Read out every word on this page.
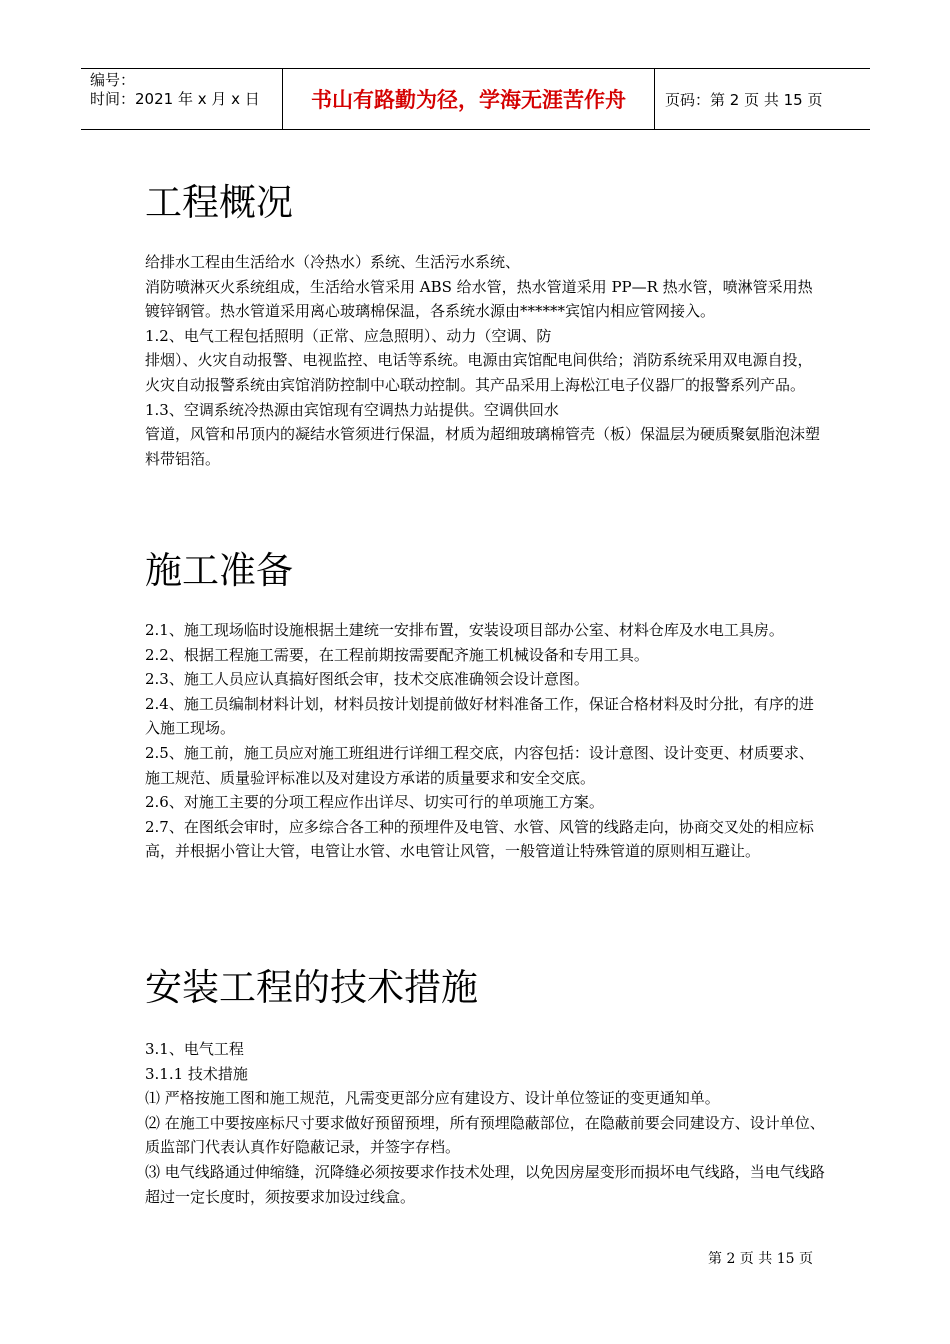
编号：
时间：2021 年 x 月 x 日	书山有路勤为径，学海无涯苦作舟	页码：第 2 页 共 15 页
工程概况

给排水工程由生活给水（冷热水）系统、生活污水系统、

消防喷淋灭火系统组成，生活给水管采用 ABS 给水管，热水管道采用 PP—R 热水管，喷淋管采用热镀锌钢管。热水管道采用离心玻璃棉保温，各系统水源由******宾馆内相应管网接入。

1.2、电气工程包括照明（正常、应急照明）、动力（空调、防

排烟）、火灾自动报警、电视监控、电话等系统。电源由宾馆配电间供给；消防系统采用双电源自投，火灾自动报警系统由宾馆消防控制中心联动控制。其产品采用上海松江电子仪器厂的报警系列产品。

1.3、空调系统冷热源由宾馆现有空调热力站提供。空调供回水

管道，风管和吊顶内的凝结水管须进行保温，材质为超细玻璃棉管壳（板）保温层为硬质聚氨脂泡沫塑料带铝箔。

施工准备

2.1、施工现场临时设施根据土建统一安排布置，安装设项目部办公室、材料仓库及水电工具房。

2.2、根据工程施工需要，在工程前期按需要配齐施工机械设备和专用工具。

2.3、施工人员应认真搞好图纸会审，技术交底准确领会设计意图。

2.4、施工员编制材料计划，材料员按计划提前做好材料准备工作，保证合格材料及时分批，有序的进入施工现场。

2.5、施工前，施工员应对施工班组进行详细工程交底，内容包括：设计意图、设计变更、材质要求、施工规范、质量验评标准以及对建设方承诺的质量要求和安全交底。

2.6、对施工主要的分项工程应作出详尽、切实可行的单项施工方案。

2.7、在图纸会审时，应多综合各工种的预埋件及电管、水管、风管的线路走向，协商交叉处的相应标高，并根据小管让大管，电管让水管、水电管让风管，一般管道让特殊管道的原则相互避让。

安装工程的技术措施

3.1、电气工程

3.1.1 技术措施

⑴ 严格按施工图和施工规范，凡需变更部分应有建设方、设计单位签证的变更通知单。

⑵ 在施工中要按座标尺寸要求做好预留预埋，所有预埋隐蔽部位，在隐蔽前要会同建设方、设计单位、质监部门代表认真作好隐蔽记录，并签字存档。

⑶ 电气线路通过伸缩缝，沉降缝必须按要求作技术处理，以免因房屋变形而损坏电气线路，当电气线路超过一定长度时，须按要求加设过线盒。

第 2 页 共 15 页
